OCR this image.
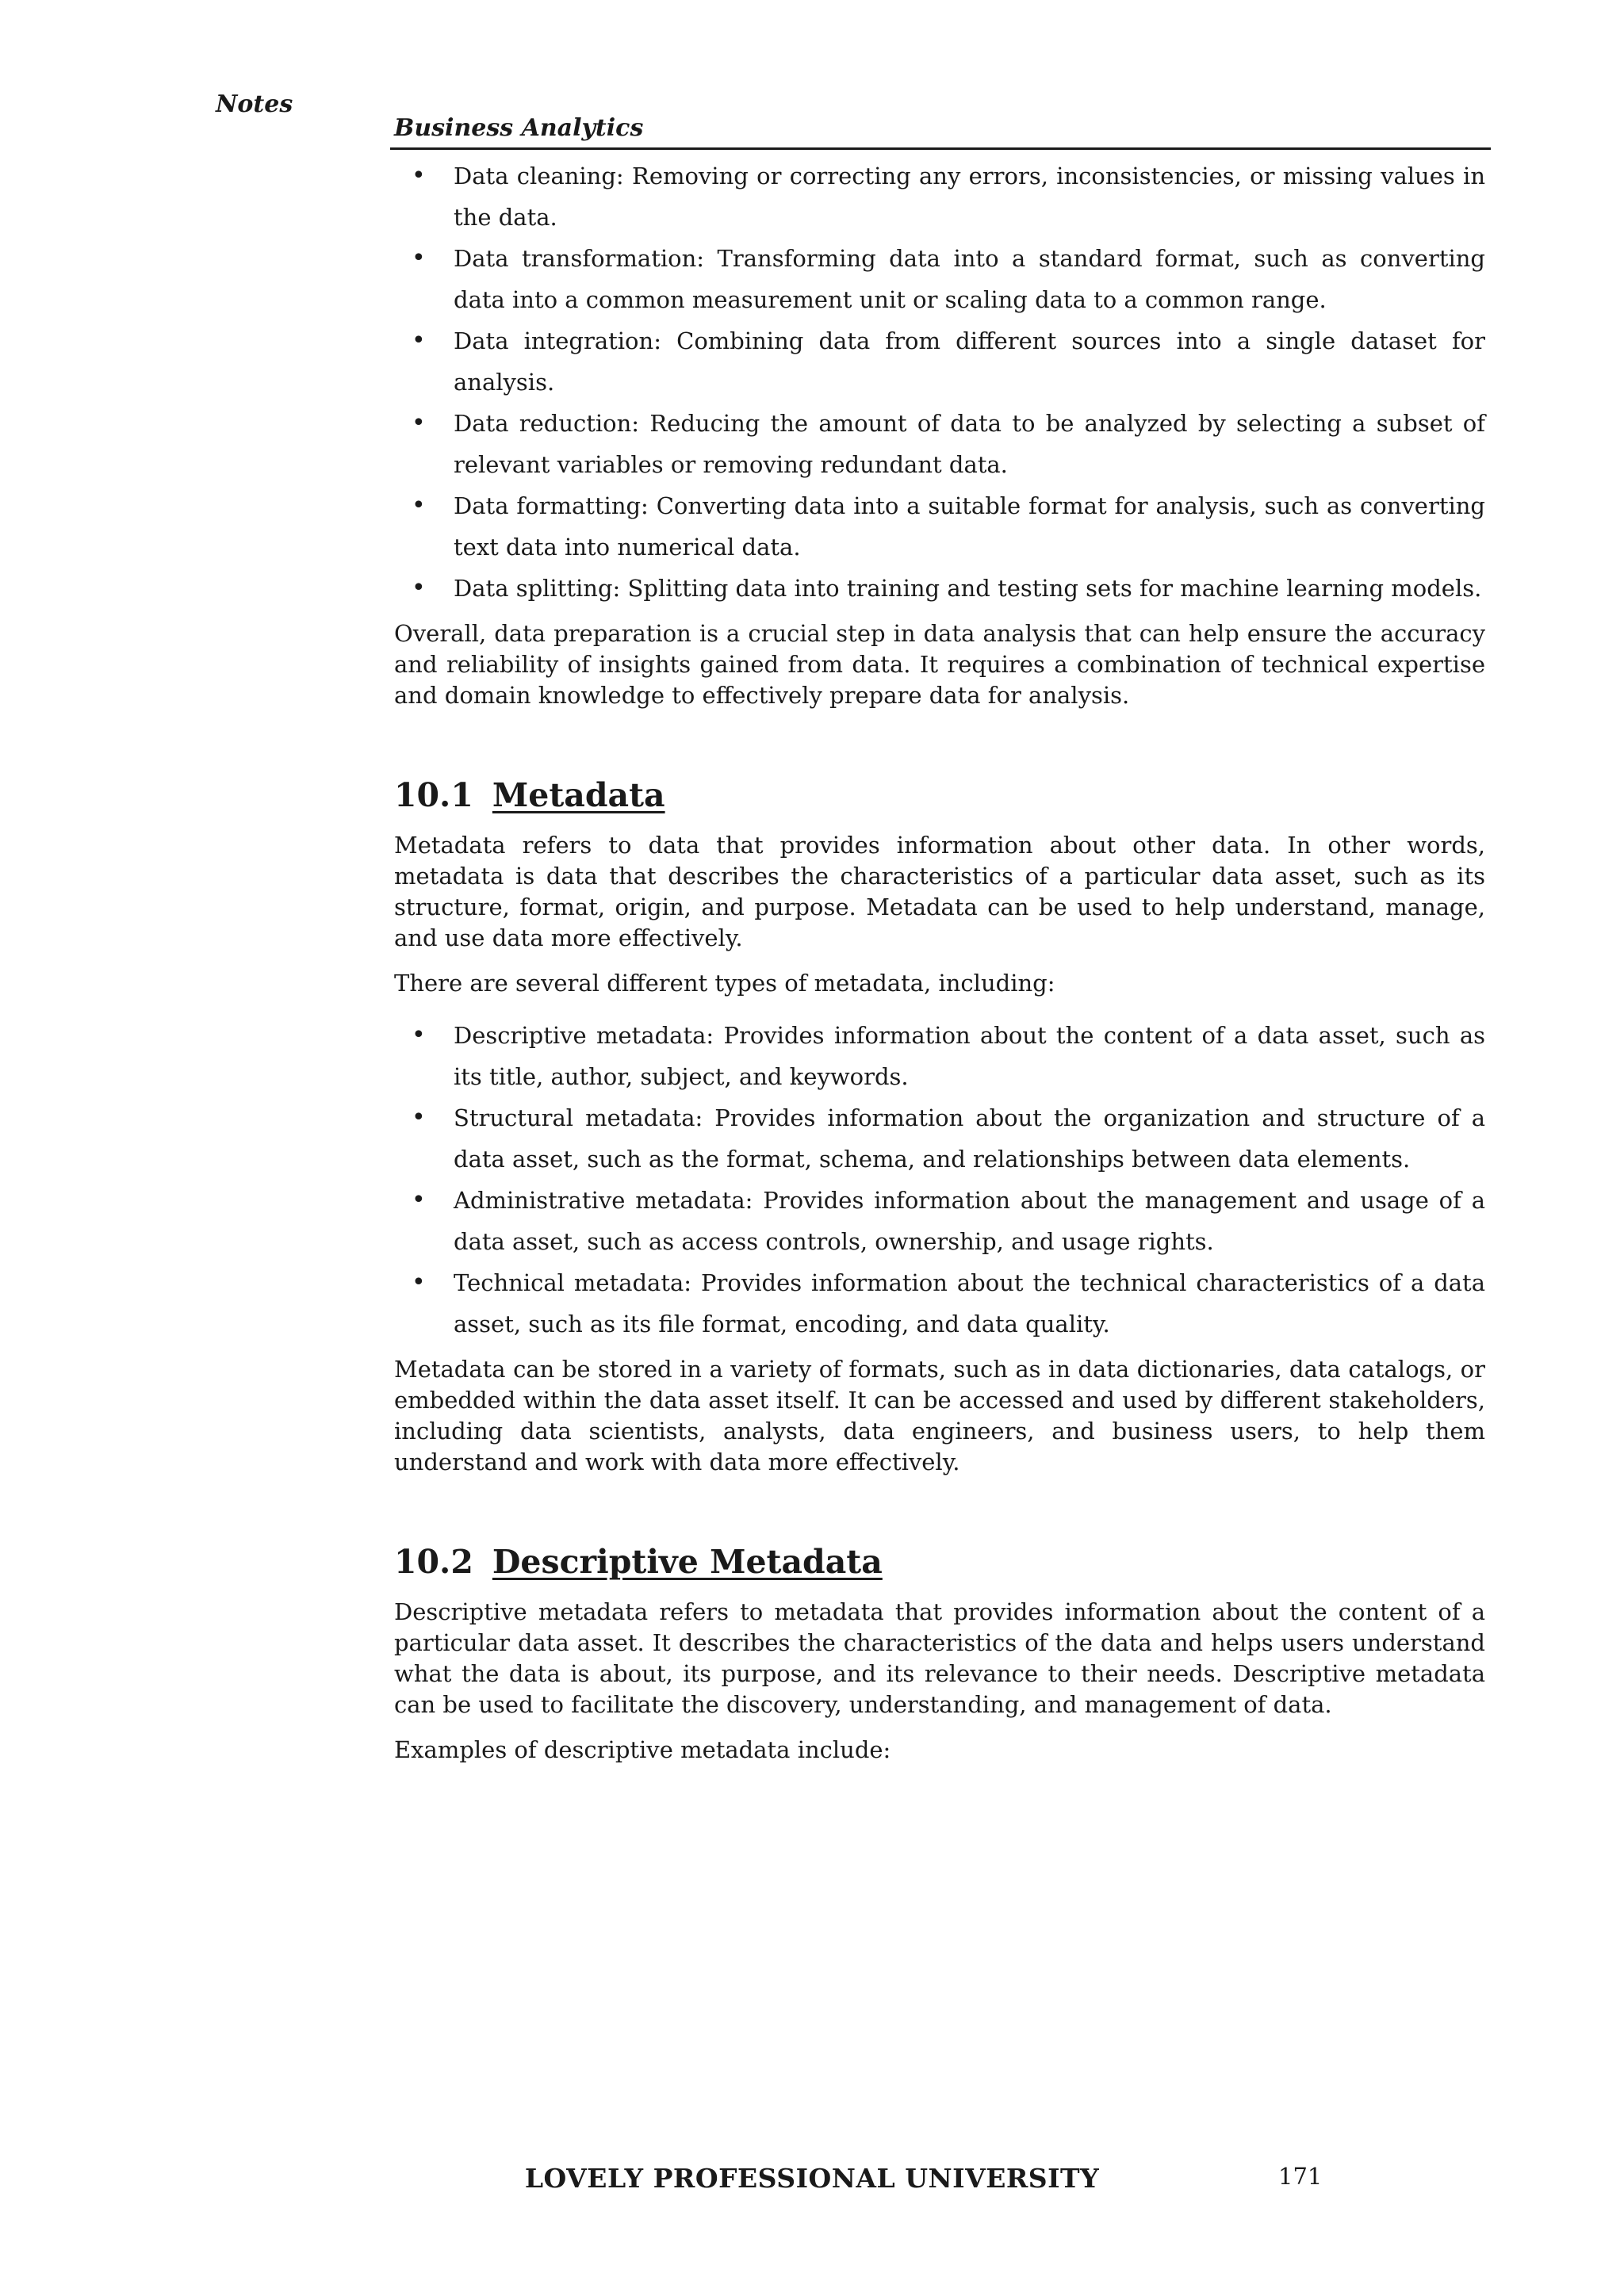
Notes
Business Analytics
• Data cleaning: Removing or correcting any errors, inconsistencies, or missing values in the data.
• Data transformation: Transforming data into a standard format, such as converting data into a common measurement unit or scaling data to a common range.
• Data integration: Combining data from different sources into a single dataset for analysis.
• Data reduction: Reducing the amount of data to be analyzed by selecting a subset of relevant variables or removing redundant data.
• Data formatting: Converting data into a suitable format for analysis, such as converting text data into numerical data.
• Data splitting: Splitting data into training and testing sets for machine learning models.

Overall, data preparation is a crucial step in data analysis that can help ensure the accuracy and reliability of insights gained from data. It requires a combination of technical expertise and domain knowledge to effectively prepare data for analysis.

10.1 Metadata

Metadata refers to data that provides information about other data. In other words, metadata is data that describes the characteristics of a particular data asset, such as its structure, format, origin, and purpose. Metadata can be used to help understand, manage, and use data more effectively.

There are several different types of metadata, including:

• Descriptive metadata: Provides information about the content of a data asset, such as its title, author, subject, and keywords.
• Structural metadata: Provides information about the organization and structure of a data asset, such as the format, schema, and relationships between data elements.
• Administrative metadata: Provides information about the management and usage of a data asset, such as access controls, ownership, and usage rights.
• Technical metadata: Provides information about the technical characteristics of a data asset, such as its file format, encoding, and data quality.

Metadata can be stored in a variety of formats, such as in data dictionaries, data catalogs, or embedded within the data asset itself. It can be accessed and used by different stakeholders, including data scientists, analysts, data engineers, and business users, to help them understand and work with data more effectively.

10.2 Descriptive Metadata

Descriptive metadata refers to metadata that provides information about the content of a particular data asset. It describes the characteristics of the data and helps users understand what the data is about, its purpose, and its relevance to their needs. Descriptive metadata can be used to facilitate the discovery, understanding, and management of data.

Examples of descriptive metadata include:

LOVELY PROFESSIONAL UNIVERSITY	171
